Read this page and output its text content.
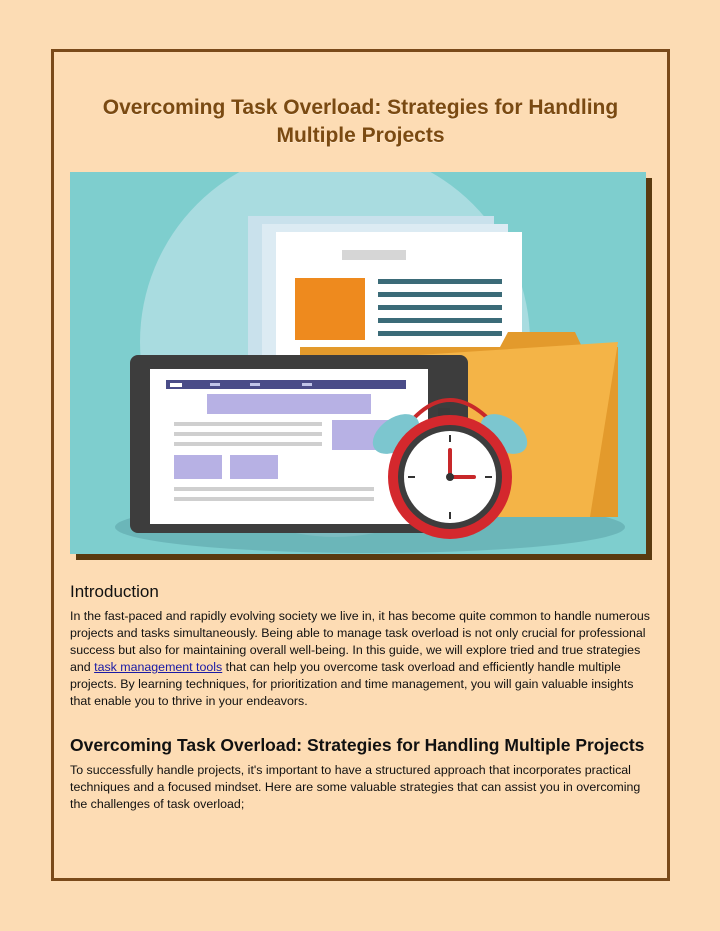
Overcoming Task Overload: Strategies for Handling Multiple Projects
Introduction

In the fast-paced and rapidly evolving society we live in, it has become quite common to handle numerous projects and tasks simultaneously. Being able to manage task overload is not only crucial for professional success but also for maintaining overall well-being. In this guide, we will explore tried and true strategies and task management tools that can help you overcome task overload and efficiently handle multiple projects. By learning techniques, for prioritization and time management, you will gain valuable insights that enable you to thrive in your endeavors.

Overcoming Task Overload: Strategies for Handling Multiple Projects

To successfully handle projects, it's important to have a structured approach that incorporates practical techniques and a focused mindset. Here are some valuable strategies that can assist you in overcoming the challenges of task overload;
